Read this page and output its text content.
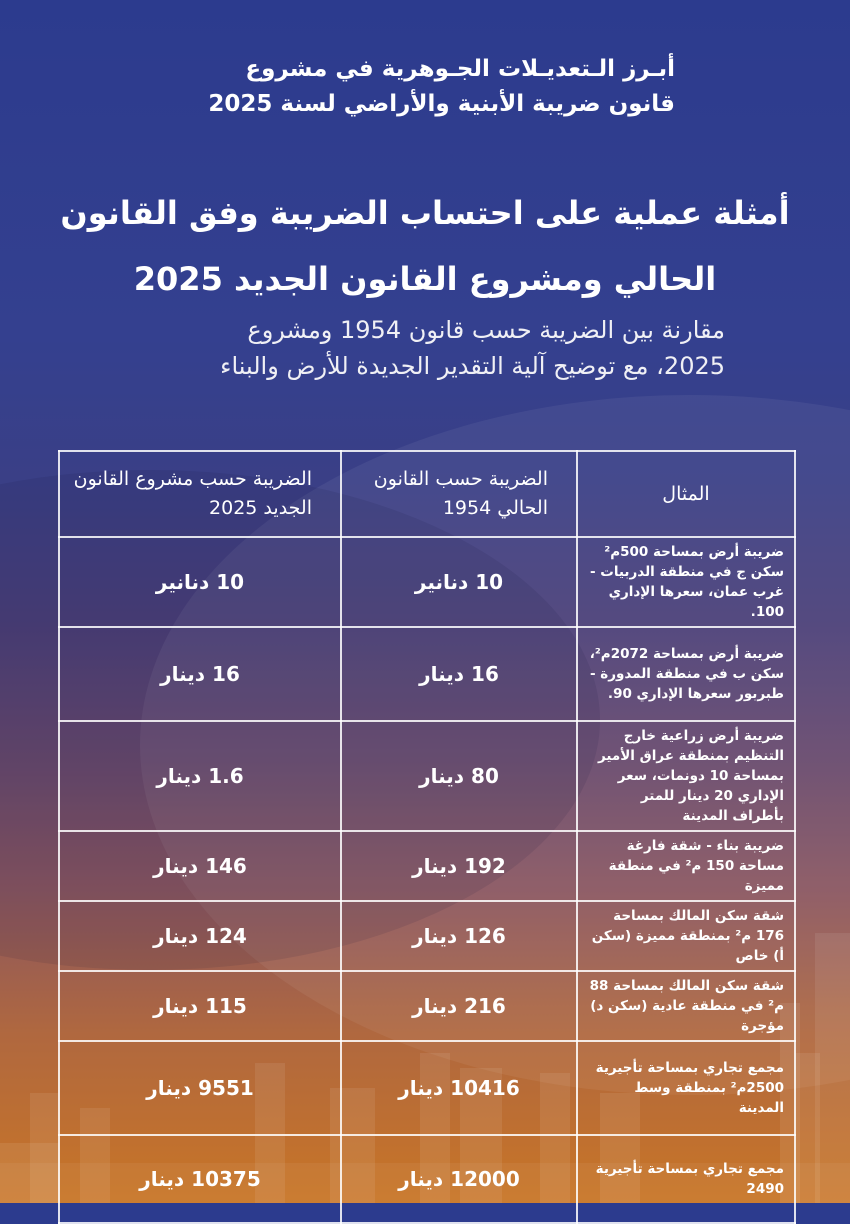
أبـرز الـتعديـلات الجـوهرية في مشروع
قانون ضريبة الأبنية والأراضي لسنة 2025
أمثلة عملية على احتساب الضريبة وفق القانون
الحالي ومشروع القانون الجديد 2025
مقارنة بين الضريبة حسب قانون 1954 ومشروع
2025، مع توضيح آلية التقدير الجديدة للأرض والبناء
المثال	الضريبة حسب القانون الحالي 1954	الضريبة حسب مشروع القانون الجديد 2025
ضريبة أرض بمساحة 500م² سكن ج في منطقة الدربيات - غرب عمان، سعرها الإداري 100.	10 دنانير	10 دنانير
ضريبة أرض بمساحة 2072م²، سكن ب في منطقة المدورة - طبربور سعرها الإداري 90.	16 دينار	16 دينار
ضريبة أرض زراعية خارج التنظيم بمنطقة عراق الأمير بمساحة 10 دونمات، سعر الإداري 20 دينار للمتر بأطراف المدينة	80 دينار	1.6 دينار
ضريبة بناء - شقة فارغة مساحة 150 م² في منطقة مميزة	192 دينار	146 دينار
شقة سكن المالك بمساحة 176 م² بمنطقة مميزة (سكن أ) خاص	126 دينار	124 دينار
شقة سكن المالك بمساحة 88 م² في منطقة عادية (سكن د) مؤجرة	216 دينار	115 دينار
مجمع تجاري بمساحة تأجيرية 2500م² بمنطقة وسط المدينة	10416 دينار	9551 دينار
مجمع تجاري بمساحة تأجيرية 2490	12000 دينار	10375 دينار
